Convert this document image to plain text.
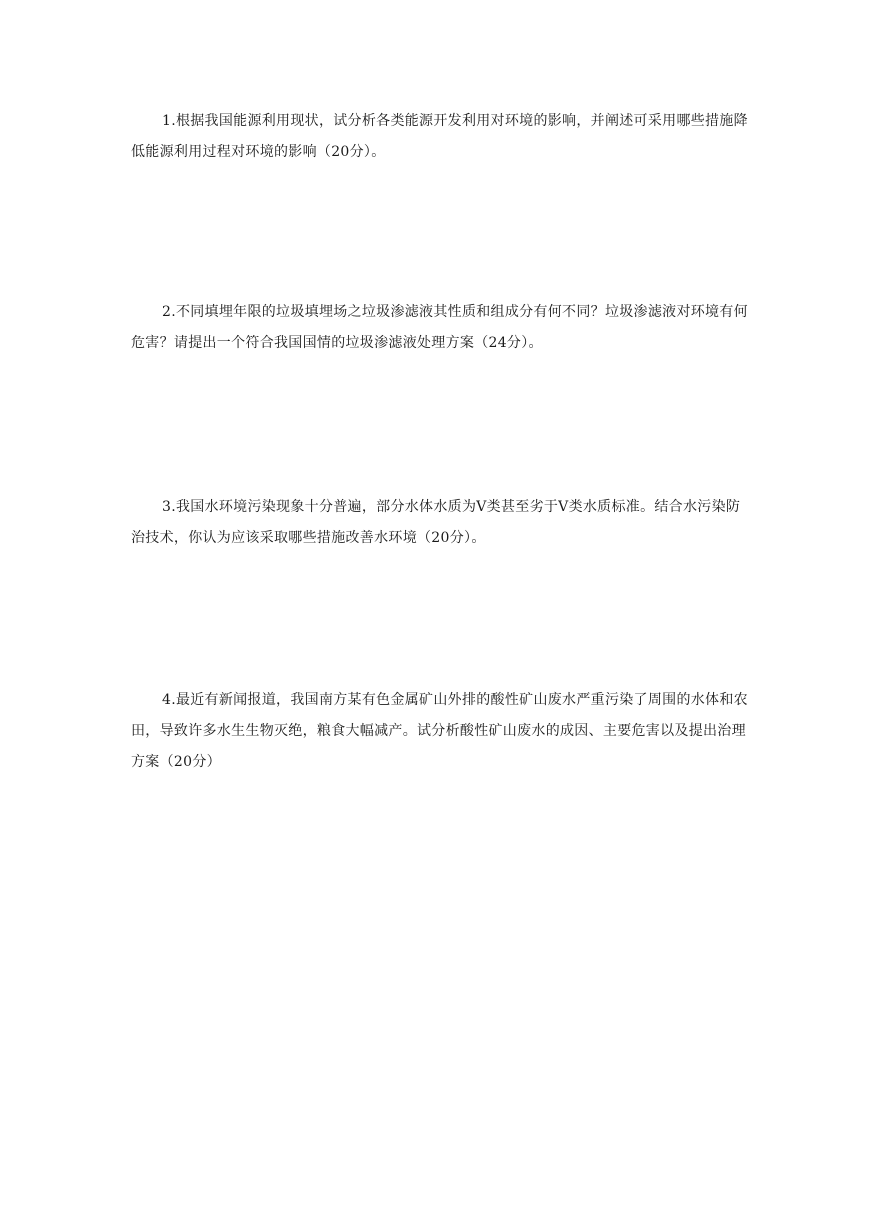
1.根据我国能源利用现状，试分析各类能源开发利用对环境的影响，并阐述可采用哪些措施降低能源利用过程对环境的影响（20分）。

2.不同填埋年限的垃圾填埋场之垃圾渗滤液其性质和组成分有何不同？垃圾渗滤液对环境有何危害？请提出一个符合我国国情的垃圾渗滤液处理方案（24分）。

3.我国水环境污染现象十分普遍，部分水体水质为Ⅴ类甚至劣于Ⅴ类水质标准。结合水污染防治技术，你认为应该采取哪些措施改善水环境（20分）。

4.最近有新闻报道，我国南方某有色金属矿山外排的酸性矿山废水严重污染了周围的水体和农田，导致许多水生生物灭绝，粮食大幅减产。试分析酸性矿山废水的成因、主要危害以及提出治理方案（20分）
